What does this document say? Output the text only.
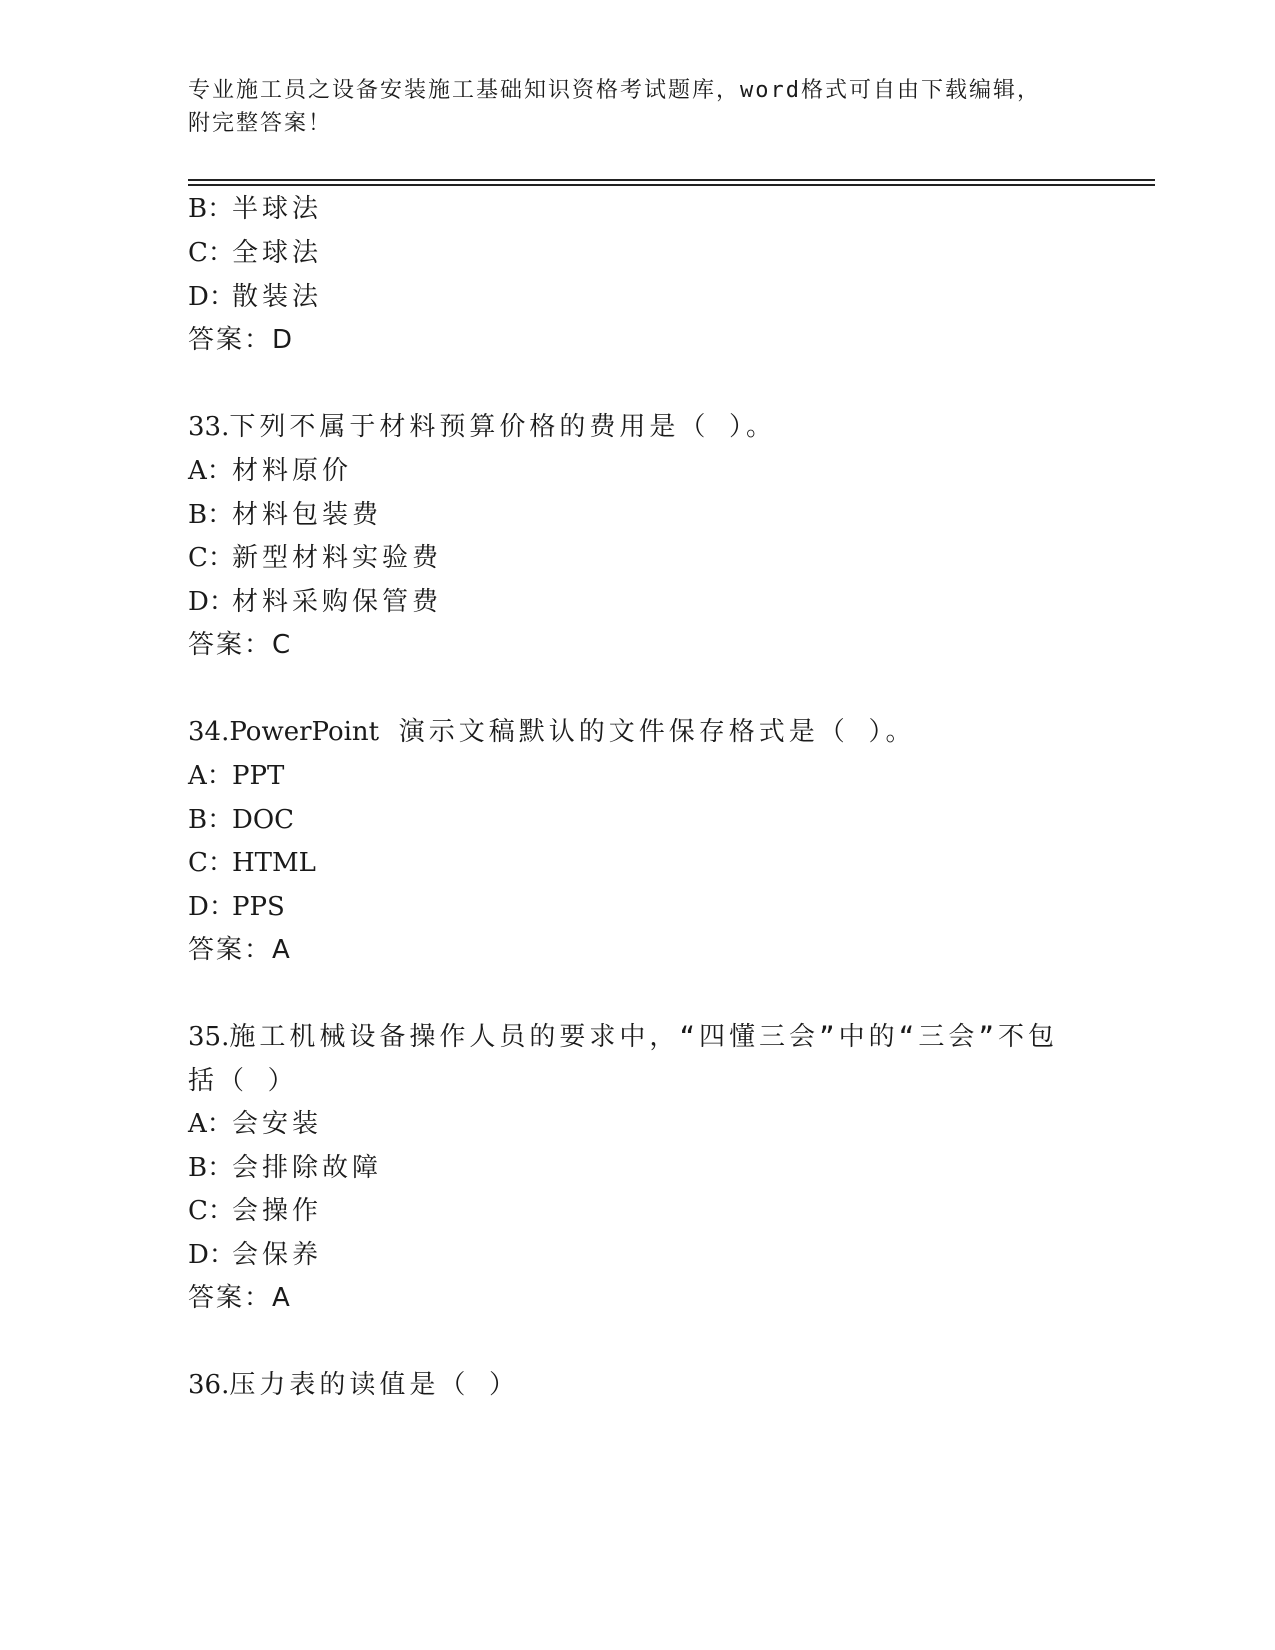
专业施工员之设备安装施工基础知识资格考试题库，word格式可自由下载编辑，
附完整答案！
B：半球法
C：全球法
D：散装法
答案：D
33.下列不属于材料预算价格的费用是（ ）。
A：材料原价
B：材料包装费
C：新型材料实验费
D：材料采购保管费
答案：C
34.PowerPoint 演示文稿默认的文件保存格式是（ ）。
A：PPT
B：DOC
C：HTML
D：PPS
答案：A
35.施工机械设备操作人员的要求中，“四懂三会”中的“三会”不包
括（ ）
A：会安装
B：会排除故障
C：会操作
D：会保养
答案：A
36.压力表的读值是（ ）
